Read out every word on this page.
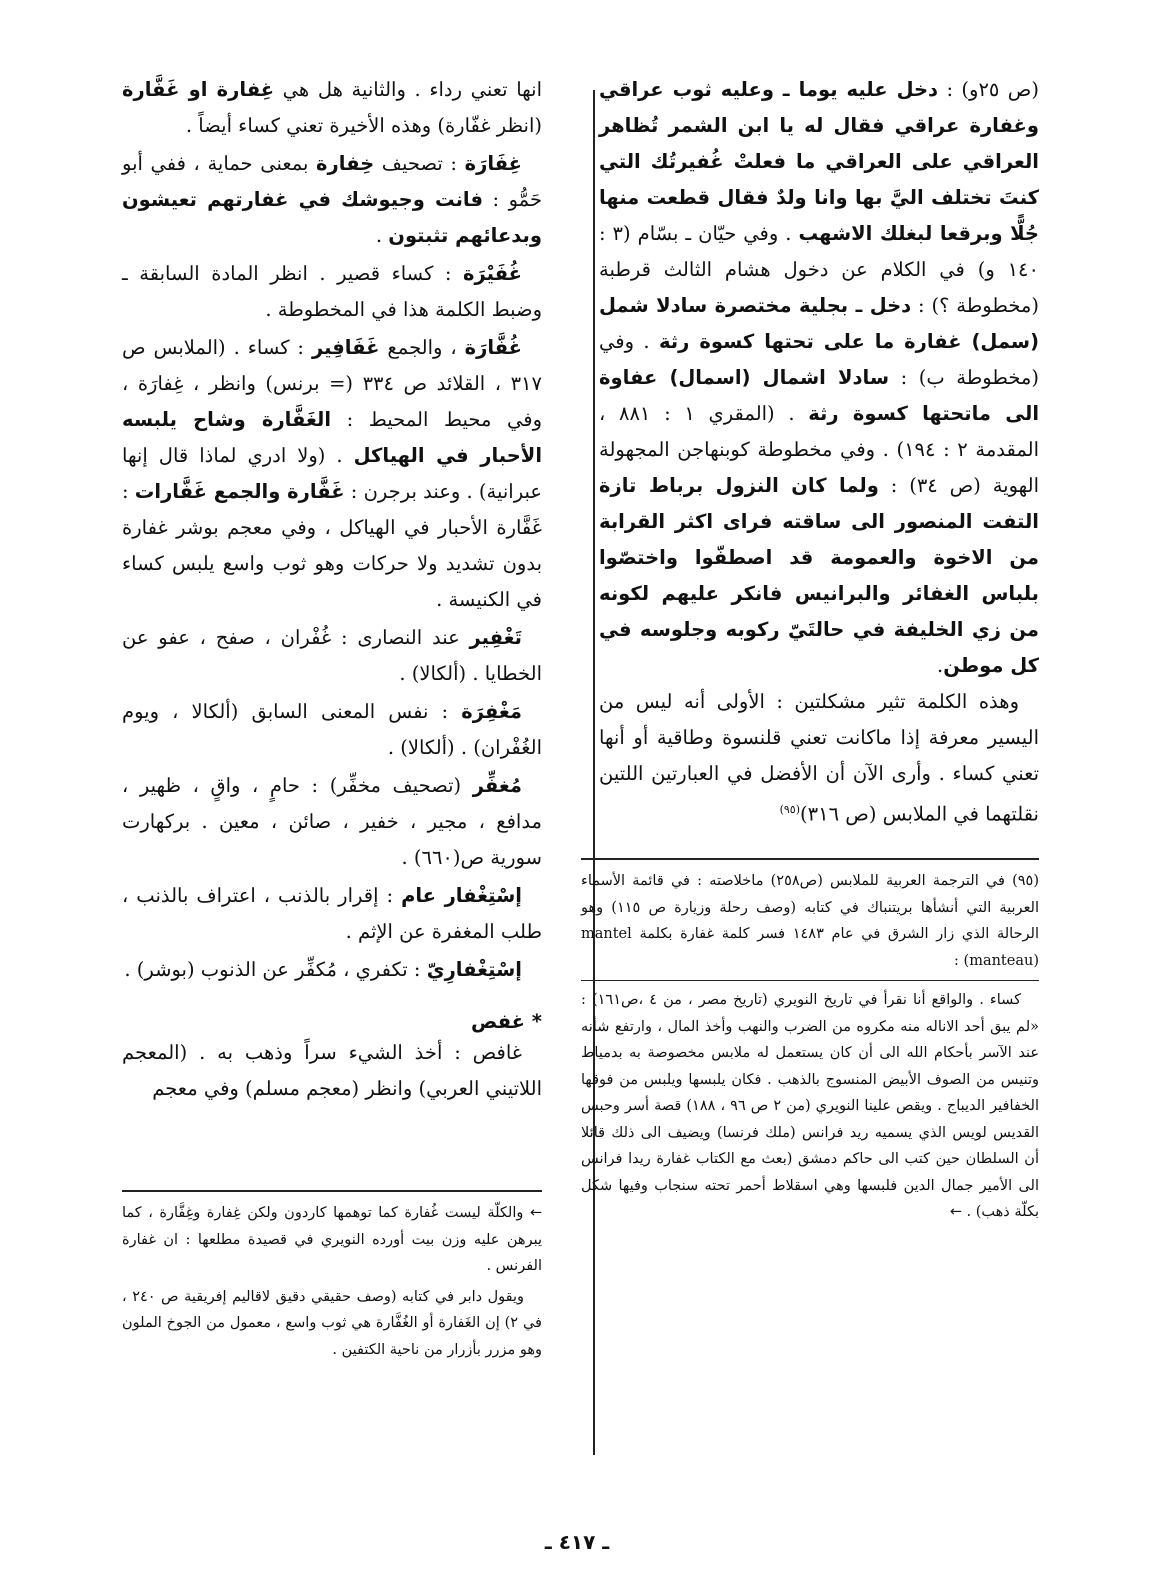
(ص ٢٥و) : دخل عليه يوما ـ وعليه ثوب عراقي وغفارة عراقي فقال له يا ابن الشمر تُظاهر العراقي على العراقي ما فعلتْ غُفيرتُك التي كنتَ تختلف اليَّ بها وانا ولدٌ فقال قطعت منها جُلًّا وبرقعا لبغلك الاشهب . وفي حيّان ـ بسّام (٣ : ١٤٠ و) في الكلام عن دخول هشام الثالث قرطبة (مخطوطة ؟) : دخل ـ بجلية مختصرة سادلا شمل (سمل) غفارة ما على تحتها كسوة رثة . وفي (مخطوطة ب) : سادلا اشمال (اسمال) عفاوة الى ماتحتها كسوة رثة . (المقري ١ : ٨٨١ ، المقدمة ٢ : ١٩٤) . وفي مخطوطة كوبنهاجن المجهولة الهوية (ص ٣٤) : ولما كان النزول برباط تازة التفت المنصور الى ساقته فراى اكثر القرابة من الاخوة والعمومة قد اصطفّوا واختصّوا بلباس الغفائر والبرانيس فانكر عليهم لكونه من زي الخليفة في حالتَيّ ركوبه وجلوسه في كل موطن.

وهذه الكلمة تثير مشكلتين : الأولى أنه ليس من اليسير معرفة إذا ماكانت تعني قلنسوة وطاقية أو أنها تعني كساء . وأرى الآن أن الأفضل في العبارتين اللتين نقلتهما في الملابس (ص ٣١٦)$^{(٩٥)}$

(٩٥) في الترجمة العربية للملابس (ص٢٥٨) ماخلاصته : في قائمة الأسماء العربية التي أنشأها بريتنباك في كتابه (وصف رحلة وزيارة ص ١١٥) وهو الرحالة الذي زار الشرق في عام ١٤٨٣ فسر كلمة غفارة بكلمة mantel (manteau) :

كساء . والواقع أنا نقرأ في تاريخ النويري (تاريخ مصر ، من ٤ ،ص١٦١) : «لم يبق أحد الاناله منه مكروه من الضرب والنهب وأخذ المال ، وارتفع شأنه عند الآسر بأحكام الله الى أن كان يستعمل له ملابس مخصوصة به بدمياط وتنيس من الصوف الأبيض المنسوج بالذهب . فكان يلبسها ويلبس من فوقها الخفافير الديباج . ويقص علينا النويري (من ٢ ص ٩٦ ، ١٨٨) قصة أسر وحبس القديس لويس الذي يسميه ريد فرانس (ملك فرنسا) ويضيف الى ذلك قائلا أن السلطان حين كتب الى حاكم دمشق (بعث مع الكتاب غفارة ريدا فرانس الى الأمير جمال الدين فلبسها وهي اسقلاط أحمر تحته سنجاب وفيها شكل بكلّة ذهب) . ←

انها تعني رداء . والثانية هل هي غِفارة او غَفَّارة (انظر غفّارة) وهذه الأخيرة تعني كساء أيضاً .

غِفَارَة : تصحيف خِفارة بمعنى حماية ، ففي أبو حَمُّو : فانت وجيوشك في غفارتهم تعيشون وبدعائهم تثبتون .

غُفَيْرَة : كساء قصير . انظر المادة السابقة ـ وضبط الكلمة هذا في المخطوطة .

غُفَّارَة ، والجمع غَفَافِير : كساء . (الملابس ص ٣١٧ ، القلائد ص ٣٣٤ (= برنس) وانظر ، غِفارَة ، وفي محيط المحيط : الغَفَّارة وشاح يلبسه الأحبار في الهياكل . (ولا ادري لماذا قال إنها عبرانية) . وعند برجرن : غَفَّارة والجمع غَفَّارات : غَفَّارة الأحبار في الهياكل ، وفي معجم بوشر غفارة بدون تشديد ولا حركات وهو ثوب واسع يلبس كساء في الكنيسة .

تَغْفِير عند النصارى : غُفْران ، صفح ، عفو عن الخطايا . (ألكالا) .

مَغْفِرَة : نفس المعنى السابق (ألكالا ، ويوم الغُفْران) . (ألكالا) .

مُغفِّر (تصحيف مخفِّر) : حامٍ ، واقٍ ، ظهير ، مدافع ، مجير ، خفير ، صائن ، معين . بركهارت سورية ص(٦٦٠) .

إسْتِغْفار عام : إقرار بالذنب ، اعتراف بالذنب ، طلب المغفرة عن الإثم .

إسْتِغْفارِيّ : تكفري ، مُكفِّر عن الذنوب (بوشر) .

* غفص

غافص : أخذ الشيء سراً وذهب به . (المعجم اللاتيني العربي) وانظر (معجم مسلم) وفي معجم

← والكلّة ليست غُفارة كما توهمها كاردون ولكن غِفارة وغِفَّارة ، كما يبرهن عليه وزن بيت أورده النويري في قصيدة مطلعها : ان غفارة الفرنس .

ويقول دابر في كتابه (وصف حقيقي دقيق لاقاليم إفريقية ص ٢٤٠ ، في ٢) إن الغَفارة أو الغُفَّارة هي ثوب واسع ، معمول من الجوخ الملون وهو مزرر بأزرار من ناحية الكتفين .

ـ ٤١٧ ـ
